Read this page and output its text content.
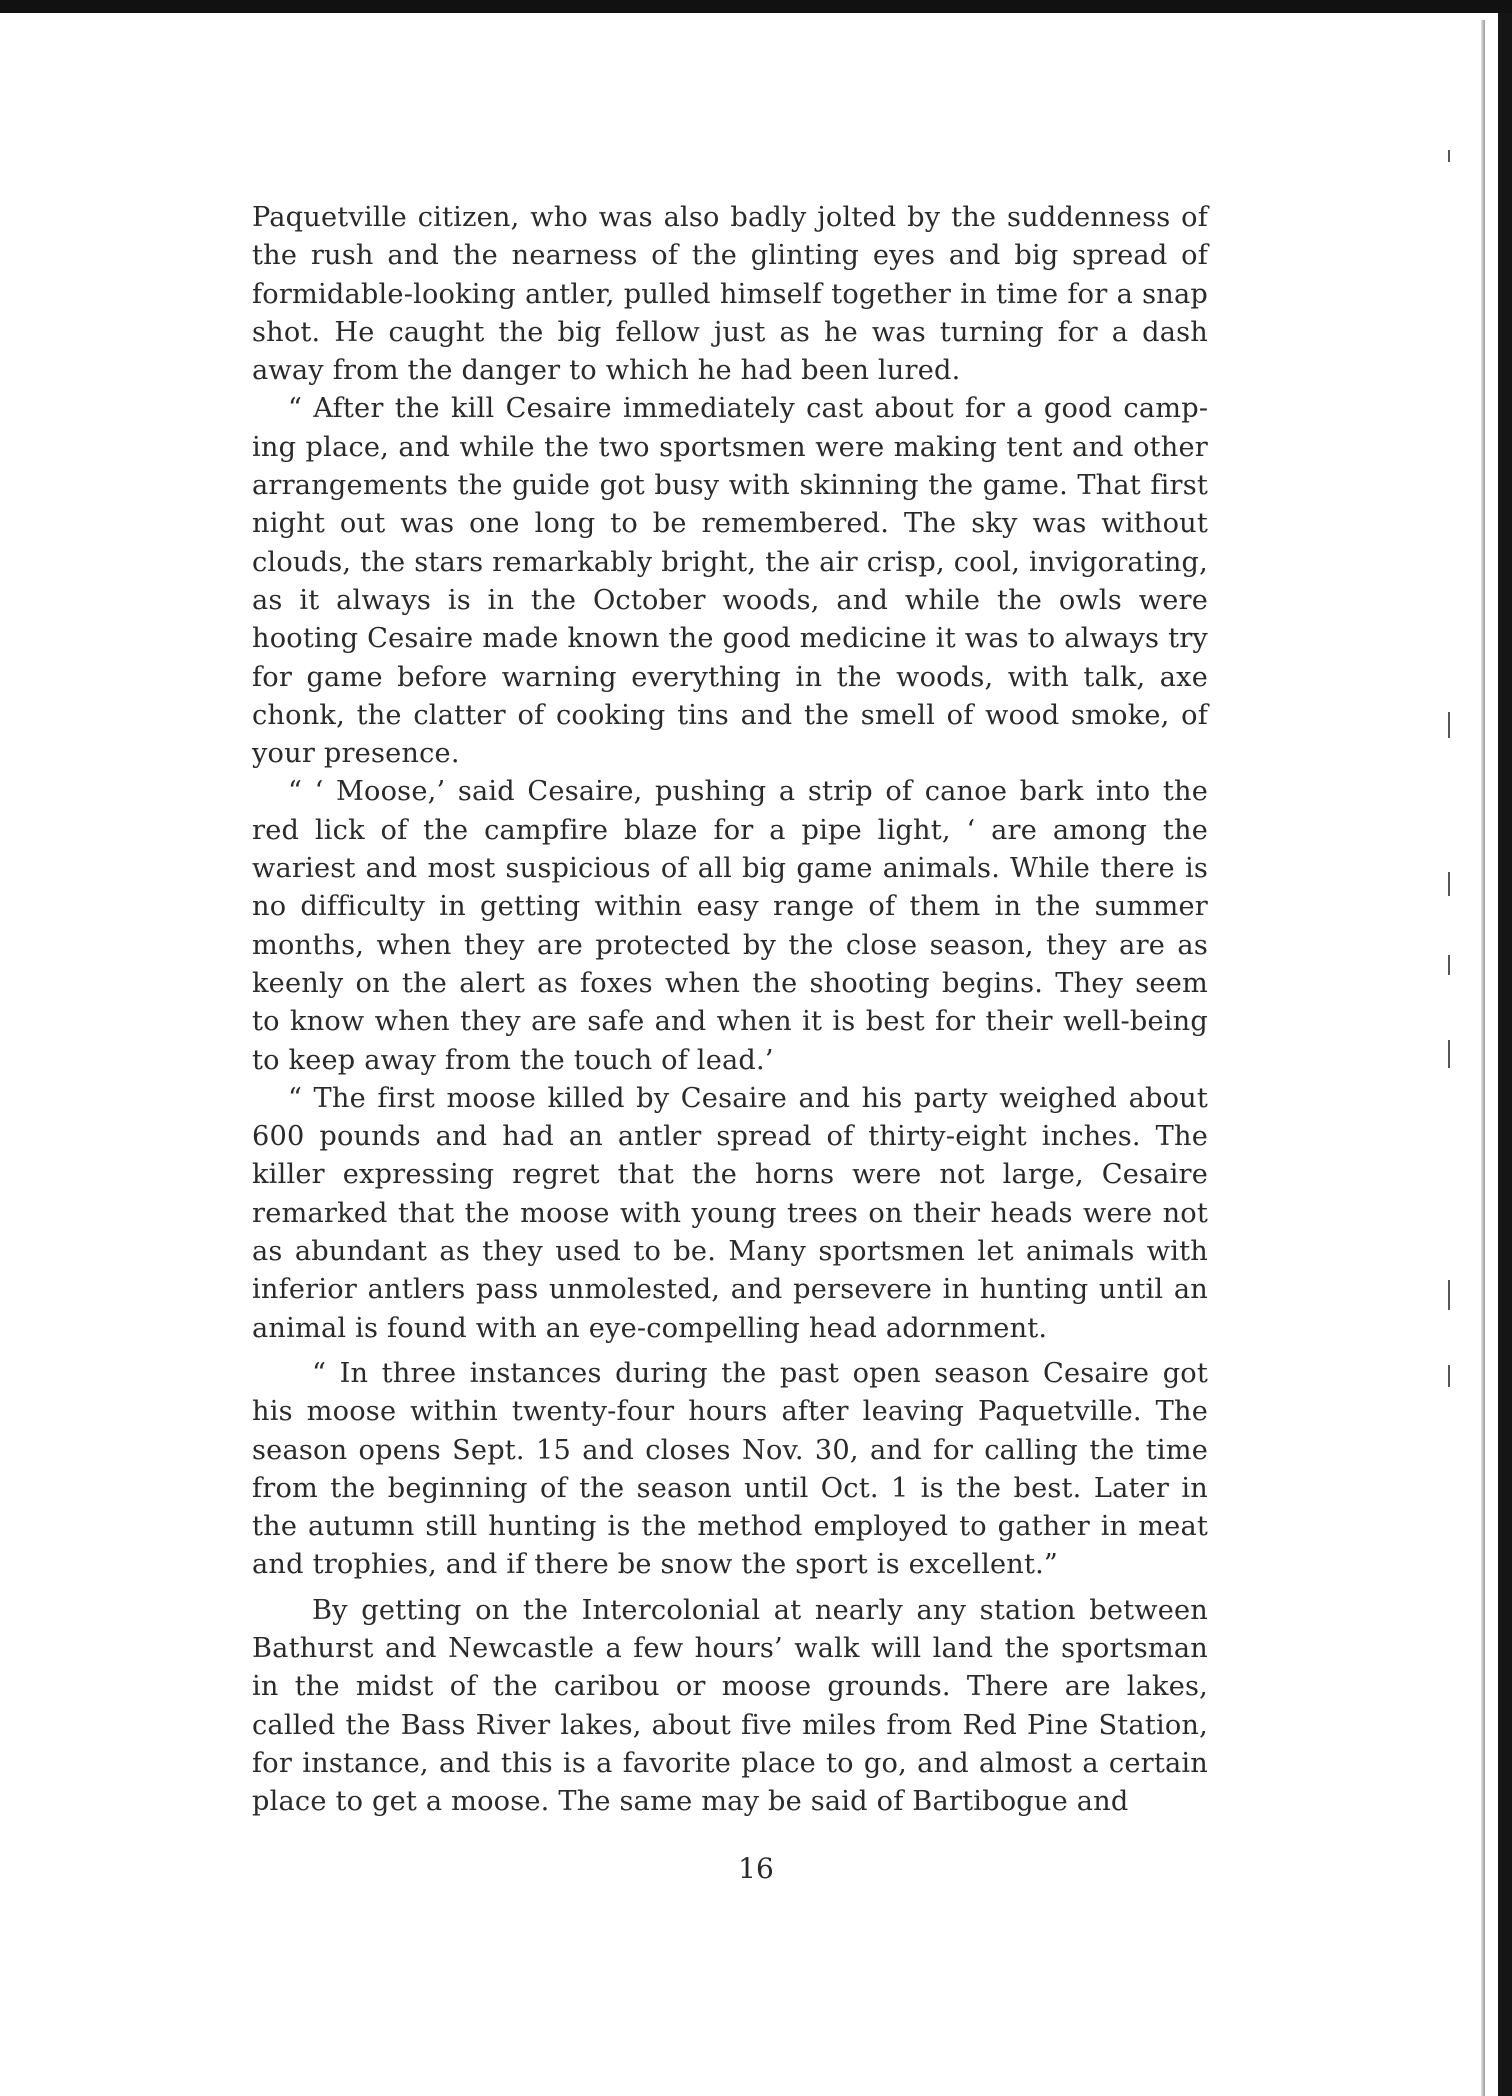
Paquetville citizen, who was also badly jolted by the suddenness of the rush and the nearness of the glinting eyes and big spread of formidable-looking antler, pulled himself together in time for a snap shot. He caught the big fellow just as he was turning for a dash away from the danger to which he had been lured.

“ After the kill Cesaire immediately cast about for a good camping place, and while the two sportsmen were making tent and other arrangements the guide got busy with skinning the game. That first night out was one long to be remembered. The sky was without clouds, the stars remarkably bright, the air crisp, cool, invigorating, as it always is in the October woods, and while the owls were hooting Cesaire made known the good medicine it was to always try for game before warning everything in the woods, with talk, axe chonk, the clatter of cooking tins and the smell of wood smoke, of your presence.

“ ‘ Moose,’ said Cesaire, pushing a strip of canoe bark into the red lick of the campfire blaze for a pipe light, ‘ are among the wariest and most suspicious of all big game animals. While there is no difficulty in getting within easy range of them in the summer months, when they are protected by the close season, they are as keenly on the alert as foxes when the shooting begins. They seem to know when they are safe and when it is best for their well-being to keep away from the touch of lead.’

“ The first moose killed by Cesaire and his party weighed about 600 pounds and had an antler spread of thirty-eight inches. The killer expressing regret that the horns were not large, Cesaire remarked that the moose with young trees on their heads were not as abundant as they used to be. Many sportsmen let animals with inferior antlers pass unmolested, and persevere in hunting until an animal is found with an eye-compelling head adornment.

“ In three instances during the past open season Cesaire got his moose within twenty-four hours after leaving Paquetville. The season opens Sept. 15 and closes Nov. 30, and for calling the time from the beginning of the season until Oct. 1 is the best. Later in the autumn still hunting is the method employed to gather in meat and trophies, and if there be snow the sport is excellent.”

By getting on the Intercolonial at nearly any station between Bathurst and Newcastle a few hours’ walk will land the sportsman in the midst of the caribou or moose grounds. There are lakes, called the Bass River lakes, about five miles from Red Pine Station, for instance, and this is a favorite place to go, and almost a certain place to get a moose. The same may be said of Bartibogue and

16
